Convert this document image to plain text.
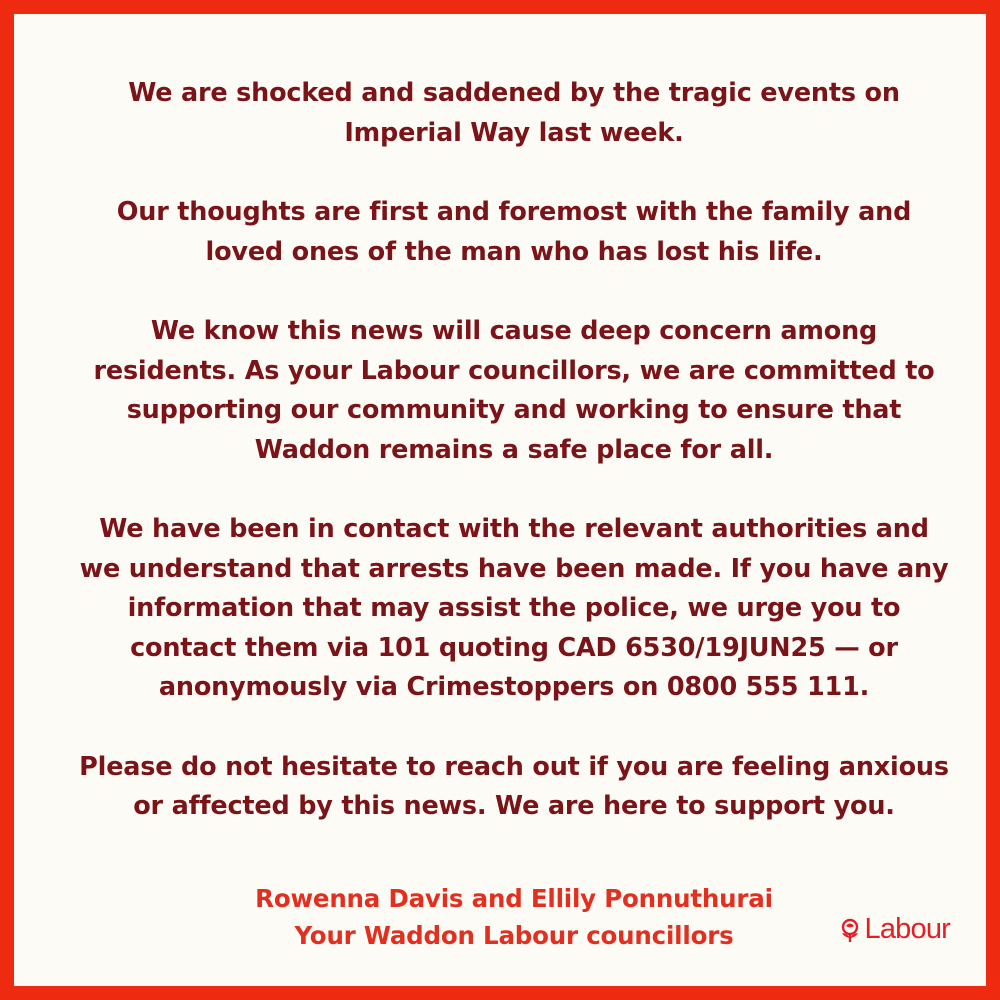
We are shocked and saddened by the tragic events on
Imperial Way last week.

Our thoughts are first and foremost with the family and
loved ones of the man who has lost his life.

We know this news will cause deep concern among
residents. As your Labour councillors, we are committed to
supporting our community and working to ensure that
Waddon remains a safe place for all.

We have been in contact with the relevant authorities and
we understand that arrests have been made. If you have any
information that may assist the police, we urge you to
contact them via 101 quoting CAD 6530/19JUN25 — or
anonymously via Crimestoppers on 0800 555 111.

Please do not hesitate to reach out if you are feeling anxious
or affected by this news. We are here to support you.

Rowenna Davis and Ellily Ponnuthurai
Your Waddon Labour councillors	Labour
